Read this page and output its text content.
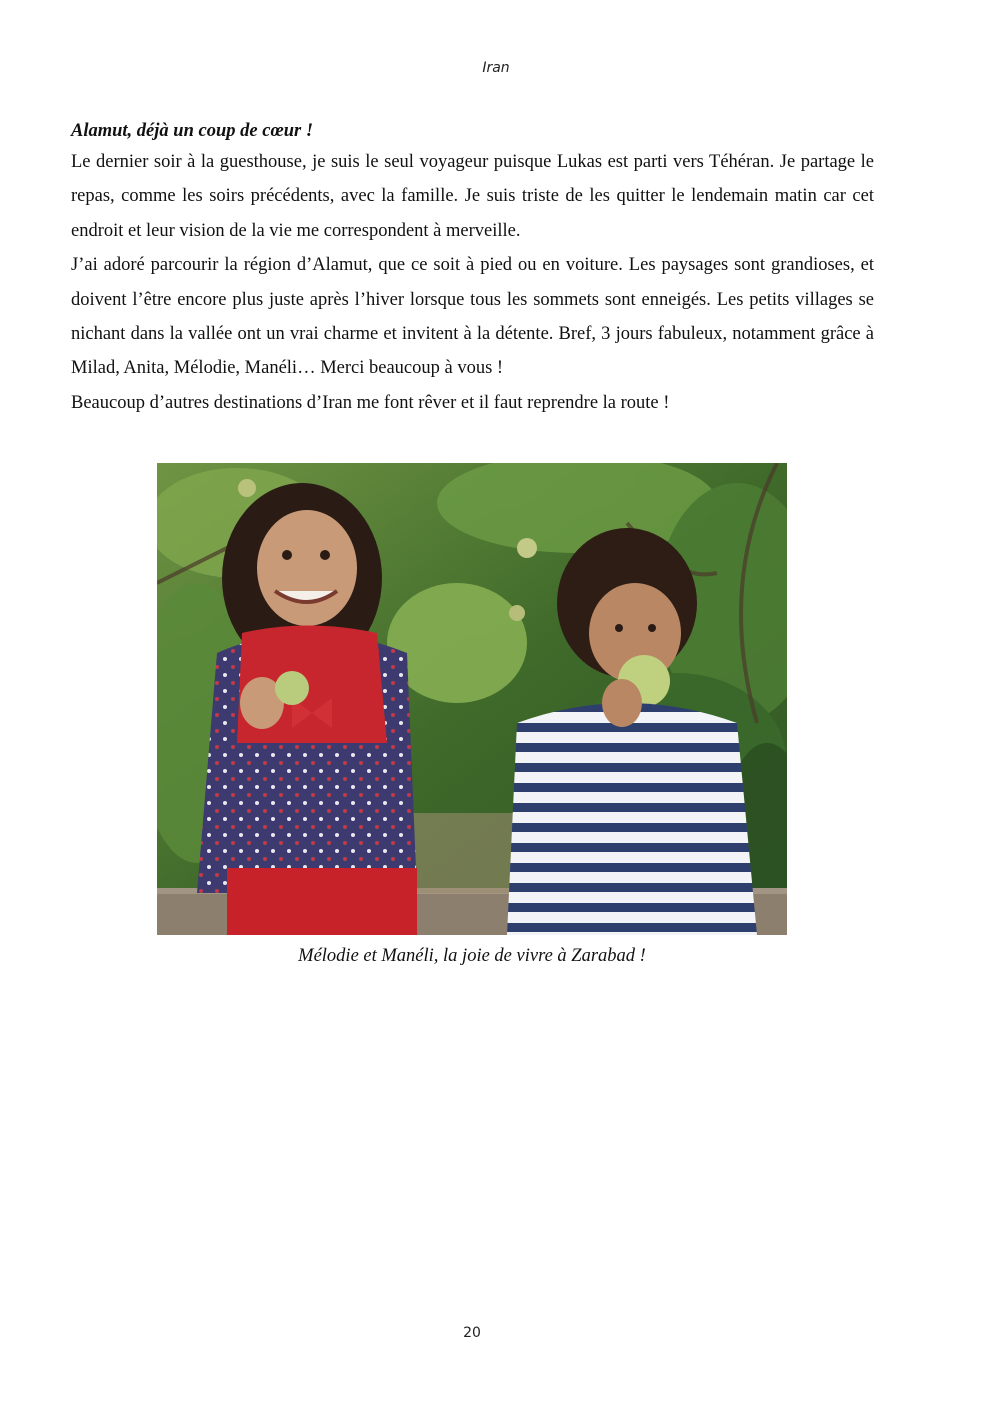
Iran

Alamut, déjà un coup de cœur !

Le dernier soir à la guesthouse, je suis le seul voyageur puisque Lukas est parti vers Téhéran. Je partage le repas, comme les soirs précédents, avec la famille. Je suis triste de les quitter le lendemain matin car cet endroit et leur vision de la vie me correspondent à merveille.

J’ai adoré parcourir la région d’Alamut, que ce soit à pied ou en voiture. Les paysages sont grandioses, et doivent l’être encore plus juste après l’hiver lorsque tous les sommets sont enneigés. Les petits villages se nichant dans la vallée ont un vrai charme et invitent à la détente. Bref, 3 jours fabuleux, notamment grâce à Milad, Anita, Mélodie, Manéli… Merci beaucoup à vous !

Beaucoup d’autres destinations d’Iran me font rêver et il faut reprendre la route !

Mélodie et Manéli, la joie de vivre à Zarabad !
20
